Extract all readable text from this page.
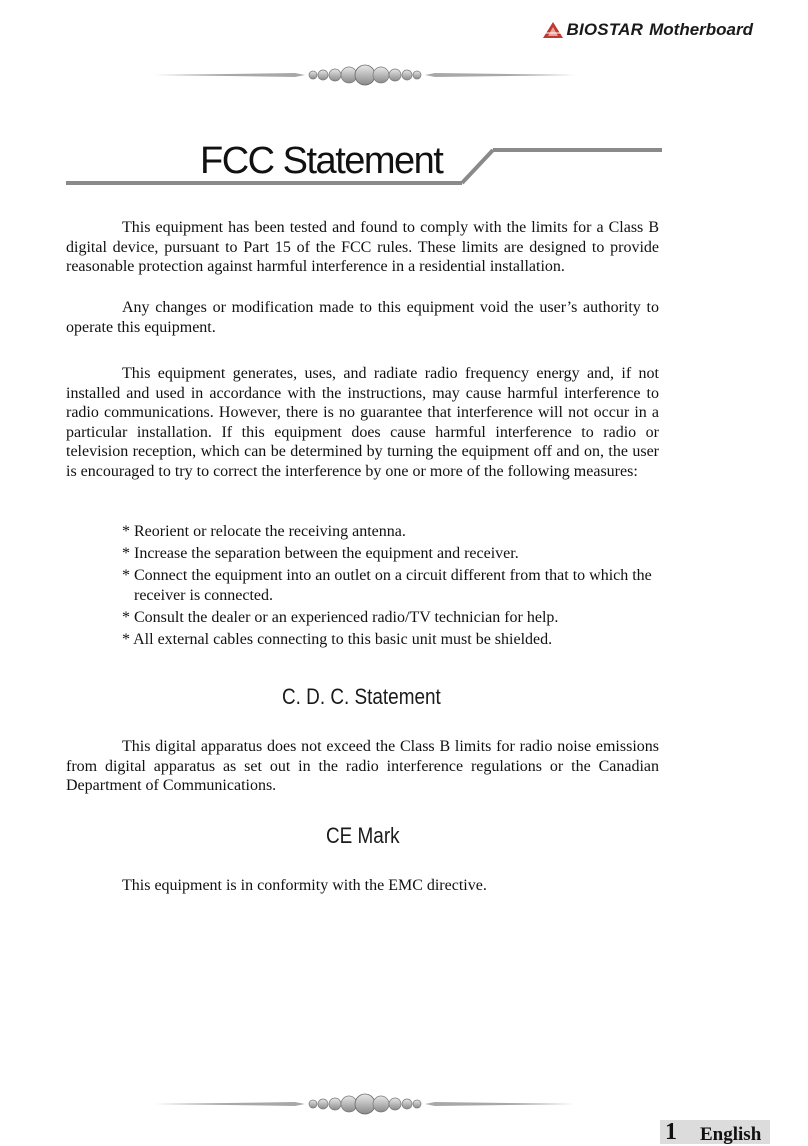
BIOSTAR Motherboard
FCC Statement

This equipment has been tested and found to comply with the limits for a Class B digital device, pursuant to Part 15 of the FCC rules. These limits are designed to provide reasonable protection against harmful interference in a residential installation.

Any changes or modification made to this equipment void the user’s authority to operate this equipment.

This equipment generates, uses, and radiate radio frequency energy and, if not installed and used in accordance with the instructions, may cause harmful interference to radio communications. However, there is no guarantee that interference will not occur in a particular installation. If this equipment does cause harmful interference to radio or television reception, which can be determined by turning the equipment off and on, the user is encouraged to try to correct the interference by one or more of the following measures:

* Reorient or relocate the receiving antenna.
* Increase the separation between the equipment and receiver.
* Connect the equipment into an outlet on a circuit different from that to which the receiver is connected.
* Consult the dealer or an experienced radio/TV technician for help.
* All external cables connecting to this basic unit must be shielded.
C. D. C. Statement

This digital apparatus does not exceed the Class B limits for radio noise emissions from digital apparatus as set out in the radio interference regulations or the Canadian Department of Communications.

CE Mark

This equipment is in conformity with the EMC directive.

1 English
